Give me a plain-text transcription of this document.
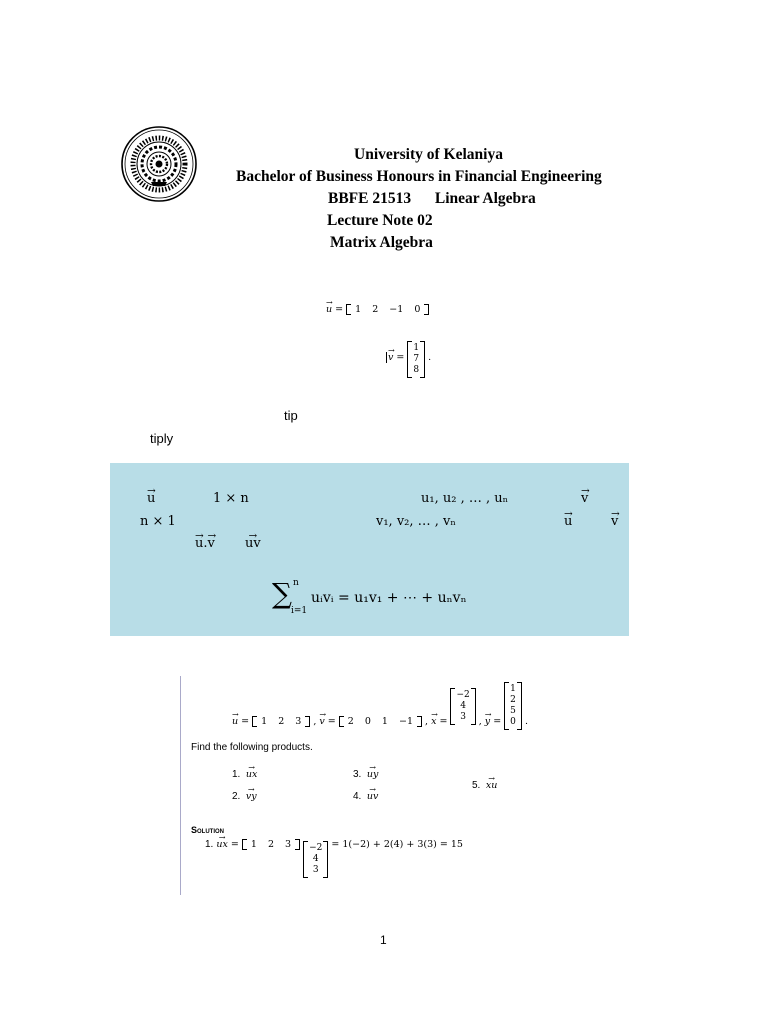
University of Kelaniya
Bachelor of Business Honours in Financial Engineering
BBFE 21513 Linear Algebra
Lecture Note 02
Matrix Algebra
→ u =
1 2 −1 0
→ v =
1
7
8
.
tip
tiply
→ u	1 × n	u₁, u₂ , … , uₙ	→ v
n × 1	v₁, v₂, … , vₙ	→ u	→ v
→ u.→ v → uv
∑ n
i=1
uᵢvᵢ = u₁v₁ + ⋯ + uₙvₙ
→ u =
1 2 3 , → v =
2 0 1 −1 , → x =
−2
4
3	, → y =
1
2
5
0 .
Find the following products.
1. → ux
2. → vy
3. → uy
4. → uv
5. → xu
Solution
1. → ux =
1 2 3 −2
4
3
= 1(−2) + 2(4) + 3(3) = 15
1
